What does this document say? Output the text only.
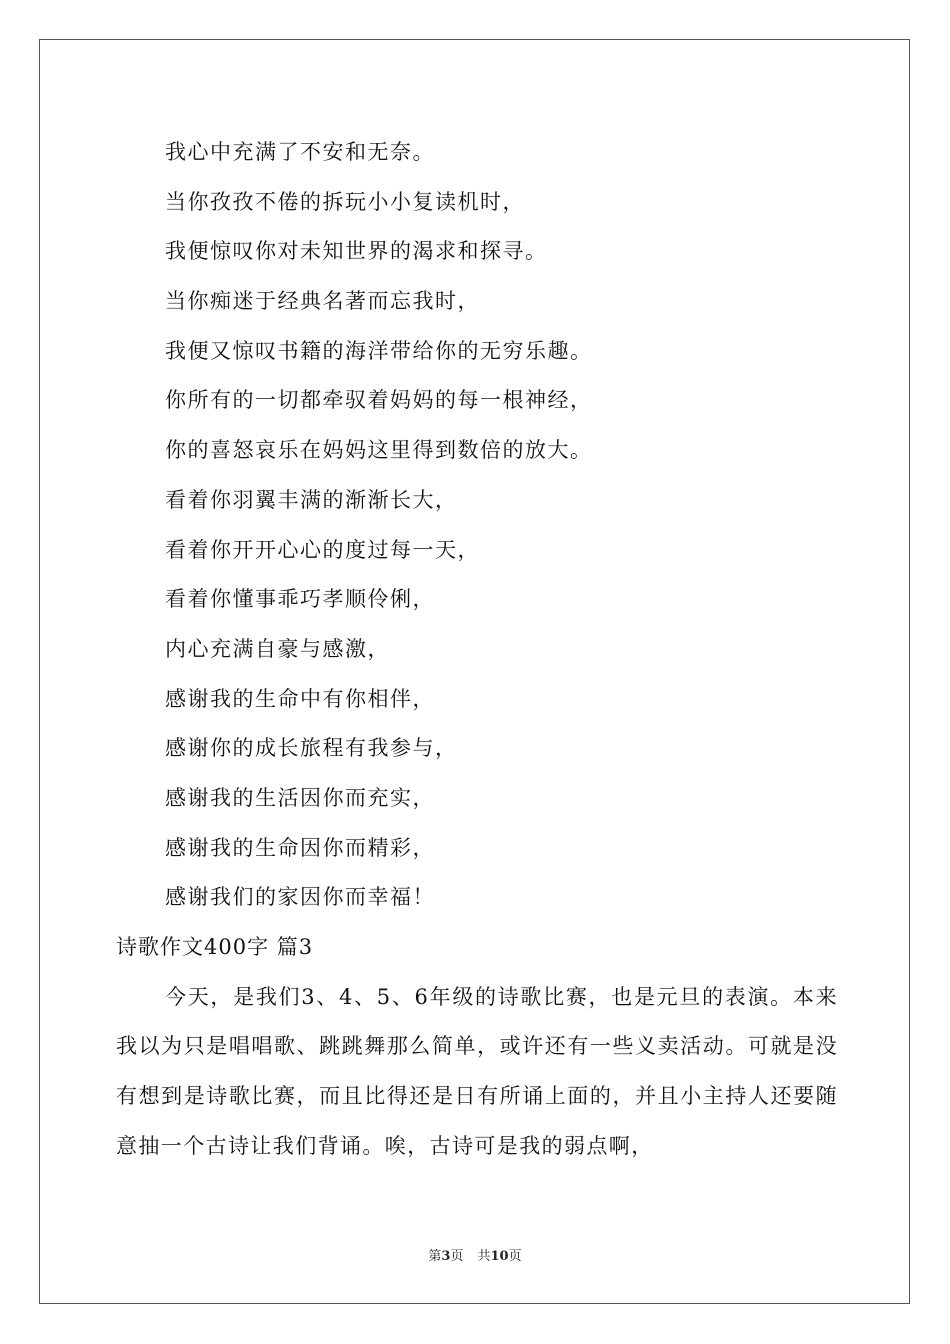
我心中充满了不安和无奈。
当你孜孜不倦的拆玩小小复读机时，
我便惊叹你对未知世界的渴求和探寻。
当你痴迷于经典名著而忘我时，
我便又惊叹书籍的海洋带给你的无穷乐趣。
你所有的一切都牵驭着妈妈的每一根神经，
你的喜怒哀乐在妈妈这里得到数倍的放大。
看着你羽翼丰满的渐渐长大，
看着你开开心心的度过每一天，
看着你懂事乖巧孝顺伶俐，
内心充满自豪与感激，
感谢我的生命中有你相伴，
感谢你的成长旅程有我参与，
感谢我的生活因你而充实，
感谢我的生命因你而精彩，
感谢我们的家因你而幸福！
诗歌作文400字 篇3

今天，是我们3、4、5、6年级的诗歌比赛，也是元旦的表演。本来我以为只是唱唱歌、跳跳舞那么简单，或许还有一些义卖活动。可就是没有想到是诗歌比赛，而且比得还是日有所诵上面的，并且小主持人还要随意抽一个古诗让我们背诵。唉，古诗可是我的弱点啊，

第3页 共10页
